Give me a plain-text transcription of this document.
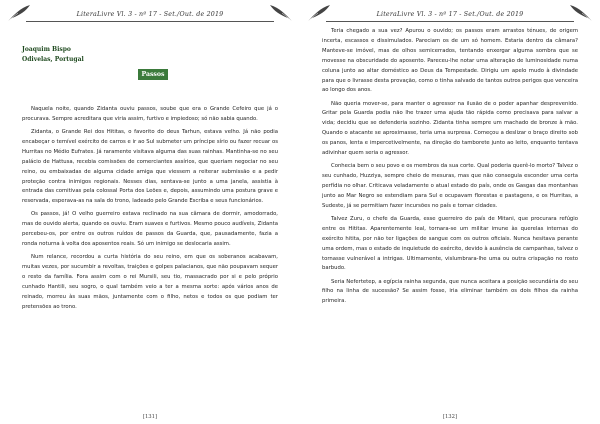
LiteraLivre Vl. 3 - nº 17 - Set./Out. de 2019
Joaquim Bispo
Odivelas, Portugal
Passos

Naquela noite, quando Zidanta ouviu passos, soube que era o Grande Cefeiro que já o procurava. Sempre acreditara que viria assim, furtivo e impiedoso; só não sabia quando.

Zidanta, o Grande Rei dos Hititas, o favorito do deus Tarhun, estava velho. Já não podia encabeçar o temível exército de carros e ir ao Sul submeter um príncipe sírio ou fazer recuar os Hurritas no Médio Eufrates. Já raramente visitava alguma das suas rainhas. Mantinha-se no seu palácio de Hattusa, recebia comissões de comerciantes assírios, que queriam negociar no seu reino, ou embaixadas de alguma cidade amiga que viessem a reiterar submissão e a pedir proteção contra inimigos regionais. Nesses dias, sentava-se junto a uma janela, assistia à entrada das comitivas pela colossal Porta dos Leões e, depois, assumindo uma postura grave e reservada, esperava-as na sala do trono, ladeado pelo Grande Escriba e seus funcionários.

Os passos, já! O velho guerreiro estava reclinado na sua câmara de dormir, amodorrado, mas de ouvido alerta, quando os ouviu. Eram suaves e furtivos. Mesmo pouco audíveis, Zidanta percebeu-os, por entre os outros ruídos de passos da Guarda, que, pausadamente, fazia a ronda noturna à volta dos aposentos reais. Só um inimigo se deslocaria assim.

Num relance, recordou a curta história do seu reino, em que os soberanos acabavam, muitas vezes, por sucumbir a revoltas, traições e golpes palacianos, que não poupavam sequer o resto da família. Fora assim com o rei Mursili, seu tio, massacrado por si e pelo próprio cunhado Hantili, seu sogro, o qual também veio a ter a mesma sorte: após vários anos de reinado, morreu às suas mãos, juntamente com o filho, netos e todos os que podiam ter pretensões ao trono.

[131]
LiteraLivre Vl. 3 - nº 17 - Set./Out. de 2019

Teria chegado a sua vez? Apurou o ouvido; os passos eram arrastos ténues, de origem incerta, escassos e dissimulados. Pareciam os de um só homem. Estaria dentro da câmara? Manteve-se imóvel, mas de olhos semicerrados, tentando enxergar alguma sombra que se movesse na obscuridade do aposento. Pareceu-lhe notar uma alteração de luminosidade numa coluna junto ao altar doméstico ao Deus da Tempestade. Dirigiu um apelo mudo à divindade para que o livrasse desta provação, como o tinha salvado de tantos outros perigos que venceira ao longo dos anos.

Não queria mover-se, para manter o agressor na ilusão de o poder apanhar desprevenido. Gritar pela Guarda podia não lhe trazer uma ajuda tão rápida como precisava para salvar a vida; decidiu que se defenderia sozinho. Zidanta tinha sempre um machado de bronze à mão. Quando o atacante se aproximasse, teria uma surpresa. Começou a deslizar o braço direito sob os panos, lenta e impercetivelmente, na direção do tamborete junto ao leito, enquanto tentava adivinhar quem seria o agressor.

Conhecia bem o seu povo e os membros da sua corte. Qual poderia querê-lo morto? Talvez o seu cunhado, Huzziya, sempre cheio de mesuras, mas que não conseguia esconder uma certa perfídia no olhar. Criticava veladamente o atual estado do país, onde os Gasgas das montanhas junto ao Mar Negro se estendiam para Sul e ocupavam florestas e pastagens, e os Hurritas, a Sudeste, já se permitiam fazer incursões no país e tomar cidades.

Talvez Zuru, o chefe da Guarda, esse guerreiro do país de Mitani, que procurara refúgio entre os Hititas. Aparentemente leal, tornara-se um militar imune às querelas internas do exército hitita, por não ter ligações de sangue com os outros oficiais. Nunca hesitava perante uma ordem, mas o estado de inquietude do exército, devido à ausência de campanhas, talvez o tornasse vulnerável a intrigas. Ultimamente, vislumbrara-lhe uma ou outra crispação no rosto barbudo.

Seria Nefertetep, a egípcia rainha segunda, que nunca aceitara a posição secundária do seu filho na linha de sucessão? Se assim fosse, iria eliminar também os dois filhos da rainha primeira.

[132]
